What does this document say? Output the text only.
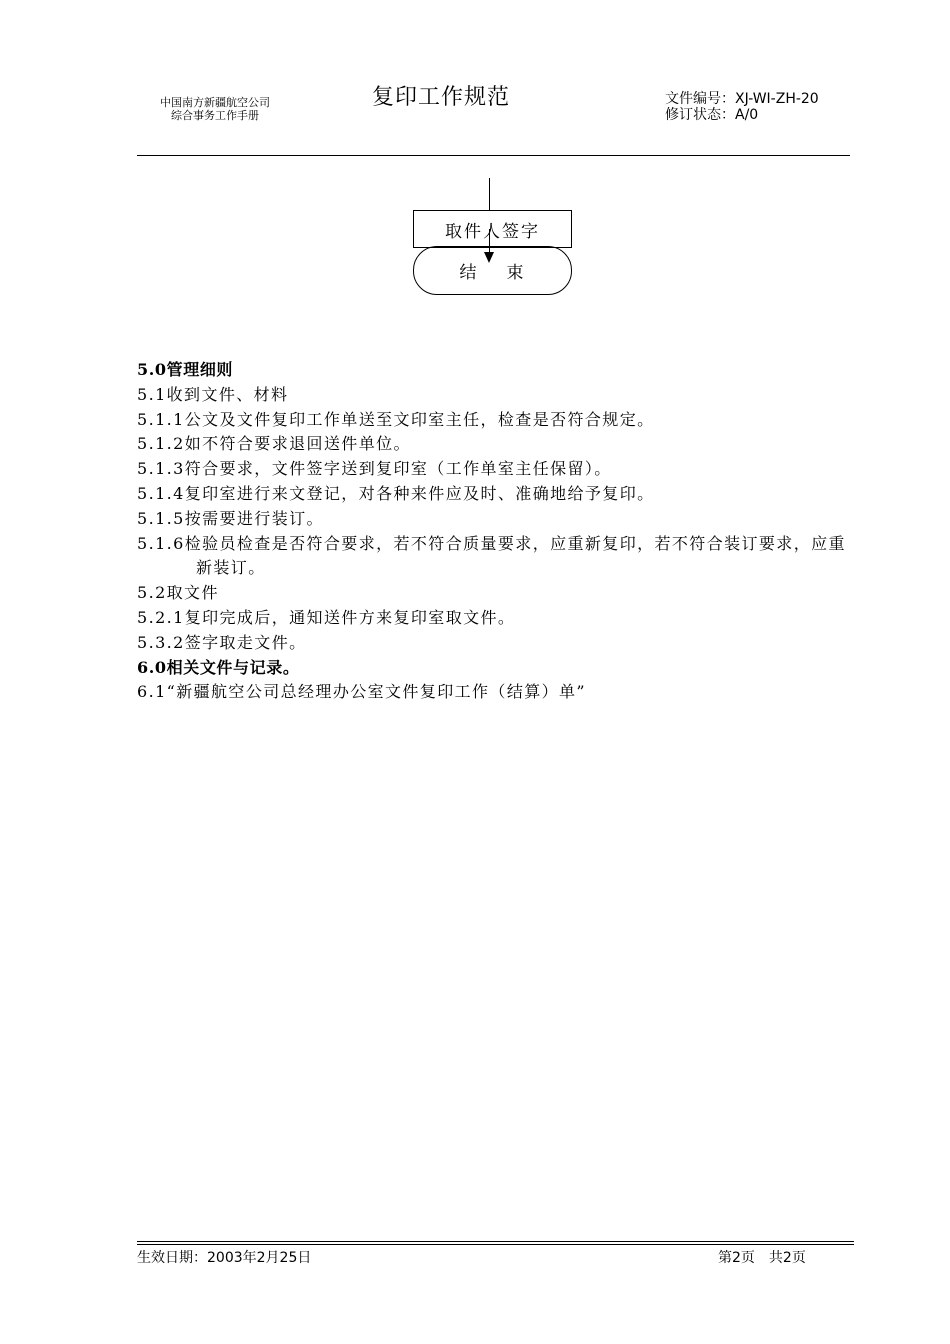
中国南方新疆航空公司
综合事务工作手册
复印工作规范	文件编号：XJ-WI-ZH-20
修订状态：A/0
取件人签字
结 束

5.0管理细则

5.1收到文件、材料

5.1.1公文及文件复印工作单送至文印室主任，检查是否符合规定。

5.1.2如不符合要求退回送件单位。

5.1.3符合要求，文件签字送到复印室（工作单室主任保留）。

5.1.4复印室进行来文登记，对各种来件应及时、准确地给予复印。

5.1.5按需要进行装订。

5.1.6检验员检查是否符合要求，若不符合质量要求，应重新复印，若不符合装订要求，应重新装订。

5.2取文件

5.2.1复印完成后，通知送件方来复印室取文件。

5.3.2签字取走文件。

6.0相关文件与记录。

6.1“新疆航空公司总经理办公室文件复印工作（结算）单”

生效日期：2003年2月25日	第2页　共2页
